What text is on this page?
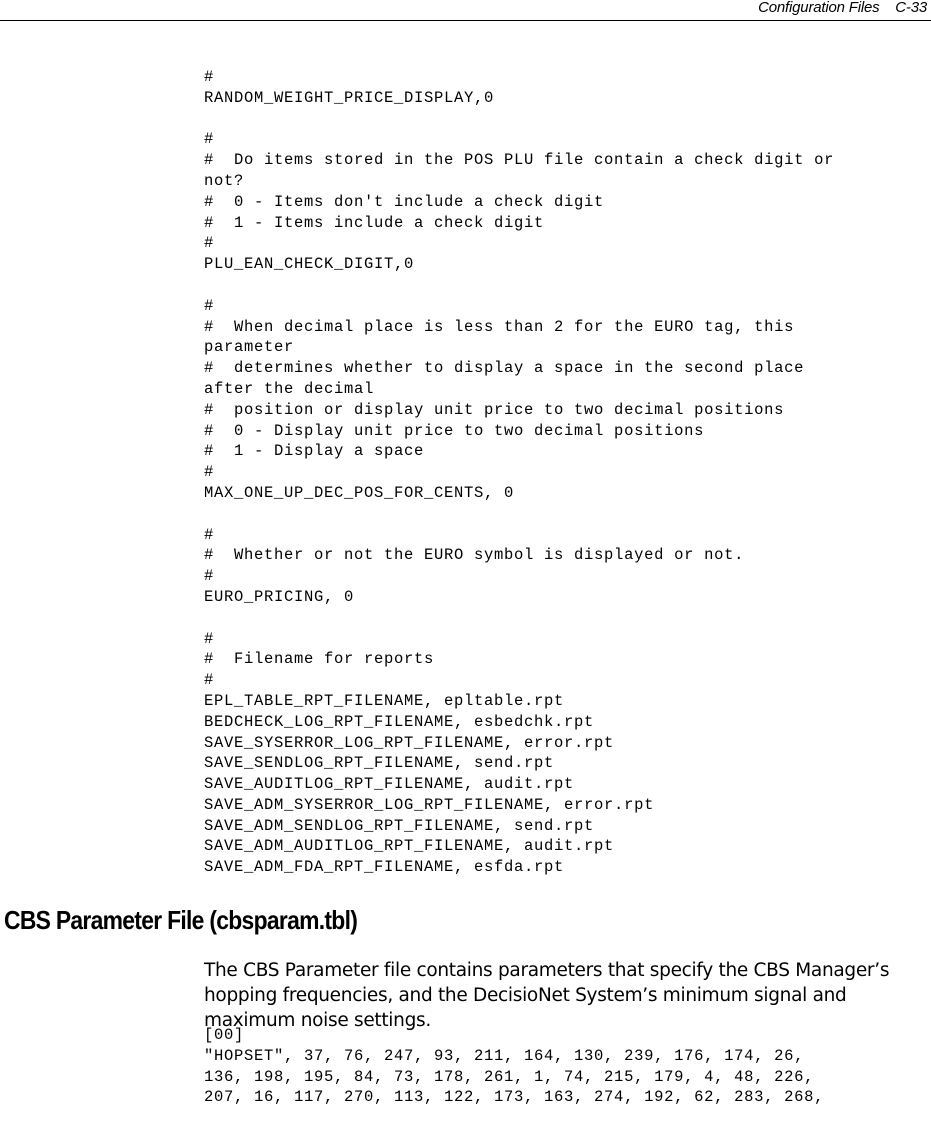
Configuration Files C-33
#
RANDOM_WEIGHT_PRICE_DISPLAY,0
#
#  Do items stored in the POS PLU file contain a check digit or
not?
#  0 - Items don't include a check digit
#  1 - Items include a check digit
#
PLU_EAN_CHECK_DIGIT,0
#
#  When decimal place is less than 2 for the EURO tag, this
parameter
#  determines whether to display a space in the second place
after the decimal
#  position or display unit price to two decimal positions
#  0 - Display unit price to two decimal positions
#  1 - Display a space
#
MAX_ONE_UP_DEC_POS_FOR_CENTS, 0
#
#  Whether or not the EURO symbol is displayed or not.
#
EURO_PRICING, 0
#
#  Filename for reports
#
EPL_TABLE_RPT_FILENAME, epltable.rpt
BEDCHECK_LOG_RPT_FILENAME, esbedchk.rpt
SAVE_SYSERROR_LOG_RPT_FILENAME, error.rpt
SAVE_SENDLOG_RPT_FILENAME, send.rpt
SAVE_AUDITLOG_RPT_FILENAME, audit.rpt
SAVE_ADM_SYSERROR_LOG_RPT_FILENAME, error.rpt
SAVE_ADM_SENDLOG_RPT_FILENAME, send.rpt
SAVE_ADM_AUDITLOG_RPT_FILENAME, audit.rpt
SAVE_ADM_FDA_RPT_FILENAME, esfda.rpt
CBS Parameter File (cbsparam.tbl)

The CBS Parameter file contains parameters that specify the CBS Manager’s hopping frequencies, and the DecisioNet System’s minimum signal and maximum noise settings.

[00]
"HOPSET", 37, 76, 247, 93, 211, 164, 130, 239, 176, 174, 26,
136, 198, 195, 84, 73, 178, 261, 1, 74, 215, 179, 4, 48, 226,
207, 16, 117, 270, 113, 122, 173, 163, 274, 192, 62, 283, 268,
